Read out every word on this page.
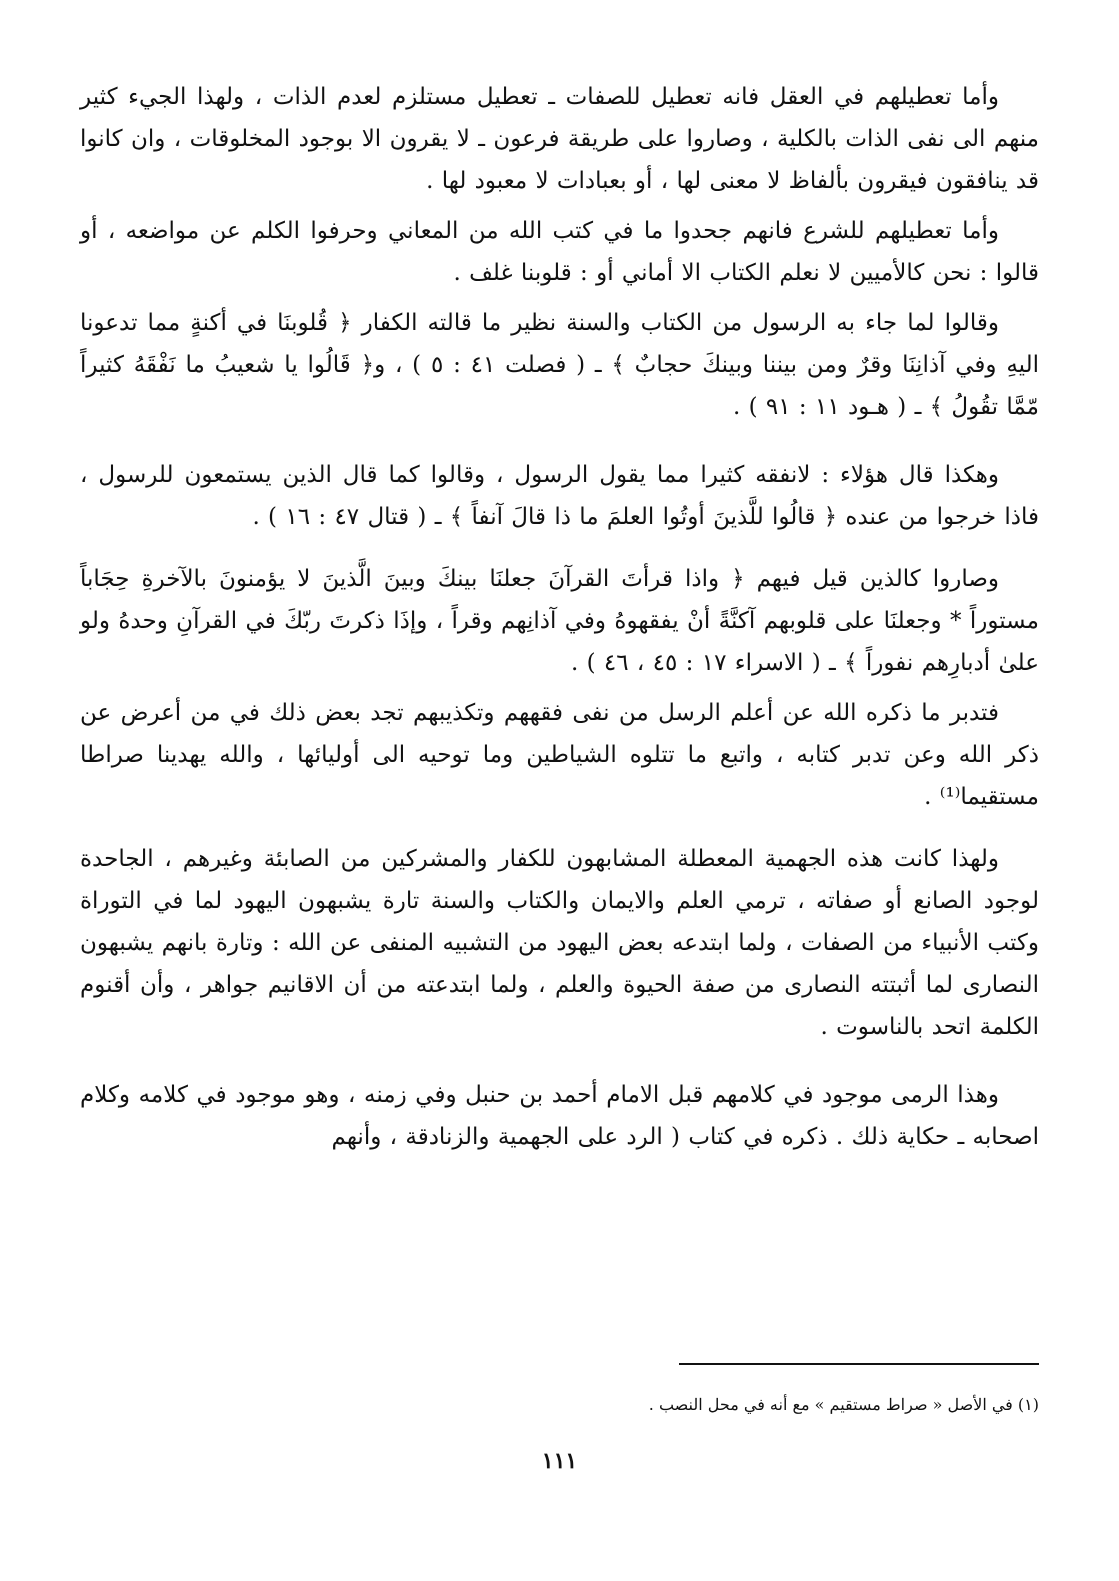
وأما تعطيلهم في العقل فانه تعطيل للصفات ـ تعطيل مستلزم لعدم الذات ، ولهذا الجيء كثير منهم الى نفى الذات بالكلية ، وصاروا على طريقة فرعون ـ لا يقرون الا بوجود المخلوقات ، وان كانوا قد ينافقون فيقرون بألفاظ لا معنى لها ، أو بعبادات لا معبود لها .

وأما تعطيلهم للشرع فانهم جحدوا ما في كتب الله من المعاني وحرفوا الكلم عن مواضعه ، أو قالوا : نحن كالأميين لا نعلم الكتاب الا أماني أو : قلوبنا غلف .

وقالوا لما جاء به الرسول من الكتاب والسنة نظير ما قالته الكفار ﴿ قُلوبنَا في أكنةٍ مما تدعونا اليهِ وفي آذانِنَا وقرٌ ومن بيننا وبينكَ حجابٌ ﴾ ـ ( فصلت ٤١ : ٥ ) ، و﴿ قَالُوا يا شعيبُ ما نَفْقَهُ كثيراً مّمَّا تقُولُ ﴾ ـ ( هـود ١١ : ٩١ ) .

وهكذا قال هؤلاء : لانفقه كثيرا مما يقول الرسول ، وقالوا كما قال الذين يستمعون للرسول ، فاذا خرجوا من عنده ﴿ قالُوا للَّذينَ أوتُوا العلمَ ما ذا قالَ آنفاً ﴾ ـ ( قتال ٤٧ : ١٦ ) .

وصاروا كالذين قيل فيهم ﴿ واذا قرأتَ القرآنَ جعلنَا بينكَ وبينَ الَّذينَ لا يؤمنونَ بالآخرةِ حِجَاباً مستوراً * وجعلنَا على قلوبهم آكنَّةً أنْ يفقهوهُ وفي آذانِهم وقراً ، وإذَا ذكرتَ ربّكَ في القرآنِ وحدهُ ولو علىٰ أدبارِهم نفوراً ﴾ ـ ( الاسراء ١٧ : ٤٥ ، ٤٦ ) .

فتدبر ما ذكره الله عن أعلم الرسل من نفى فقههم وتكذيبهم تجد بعض ذلك في من أعرض عن ذكر الله وعن تدبر كتابه ، واتبع ما تتلوه الشياطين وما توحيه الى أوليائها ، والله يهدينا صراطا مستقيما⁽¹⁾ .

ولهذا كانت هذه الجهمية المعطلة المشابهون للكفار والمشركين من الصابئة وغيرهم ، الجاحدة لوجود الصانع أو صفاته ، ترمي العلم والايمان والكتاب والسنة تارة يشبهون اليهود لما في التوراة وكتب الأنبياء من الصفات ، ولما ابتدعه بعض اليهود من التشبيه المنفى عن الله : وتارة بانهم يشبهون النصارى لما أثبتته النصارى من صفة الحيوة والعلم ، ولما ابتدعته من أن الاقانيم جواهر ، وأن أقنوم الكلمة اتحد بالناسوت .

وهذا الرمى موجود في كلامهم قبل الامام أحمد بن حنبل وفي زمنه ، وهو موجود في كلامه وكلام اصحابه ـ حكاية ذلك . ذكره في كتاب ( الرد على الجهمية والزنادقة ، وأنهم

(١) في الأصل « صراط مستقيم » مع أنه في محل النصب .
١١١
